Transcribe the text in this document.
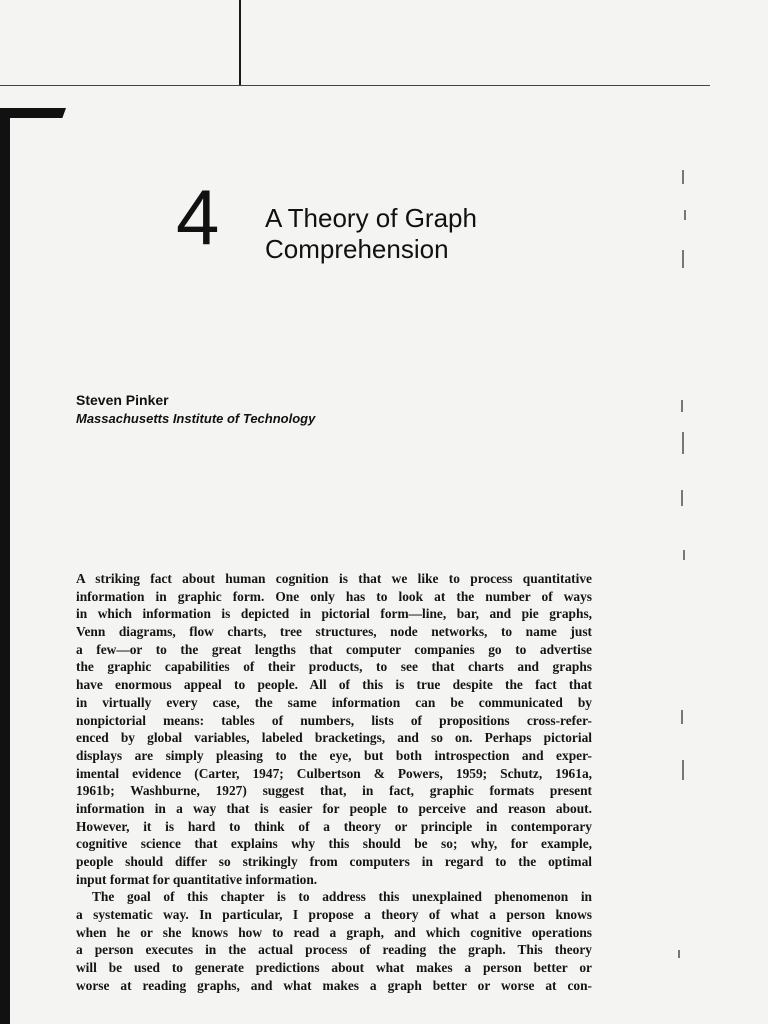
4 A Theory of Graph
Comprehension
Steven Pinker
Massachusetts Institute of Technology

A striking fact about human cognition is that we like to process quantitative
information in graphic form. One only has to look at the number of ways
in which information is depicted in pictorial form—line, bar, and pie graphs,
Venn diagrams, flow charts, tree structures, node networks, to name just
a few—or to the great lengths that computer companies go to advertise
the graphic capabilities of their products, to see that charts and graphs
have enormous appeal to people. All of this is true despite the fact that
in virtually every case, the same information can be communicated by
nonpictorial means: tables of numbers, lists of propositions cross-refer-
enced by global variables, labeled bracketings, and so on. Perhaps pictorial
displays are simply pleasing to the eye, but both introspection and exper-
imental evidence (Carter, 1947; Culbertson & Powers, 1959; Schutz, 1961a,
1961b; Washburne, 1927) suggest that, in fact, graphic formats present
information in a way that is easier for people to perceive and reason about.
However, it is hard to think of a theory or principle in contemporary
cognitive science that explains why this should be so; why, for example,
people should differ so strikingly from computers in regard to the optimal
input format for quantitative information.

The goal of this chapter is to address this unexplained phenomenon in
a systematic way. In particular, I propose a theory of what a person knows
when he or she knows how to read a graph, and which cognitive operations
a person executes in the actual process of reading the graph. This theory
will be used to generate predictions about what makes a person better or
worse at reading graphs, and what makes a graph better or worse at con-
